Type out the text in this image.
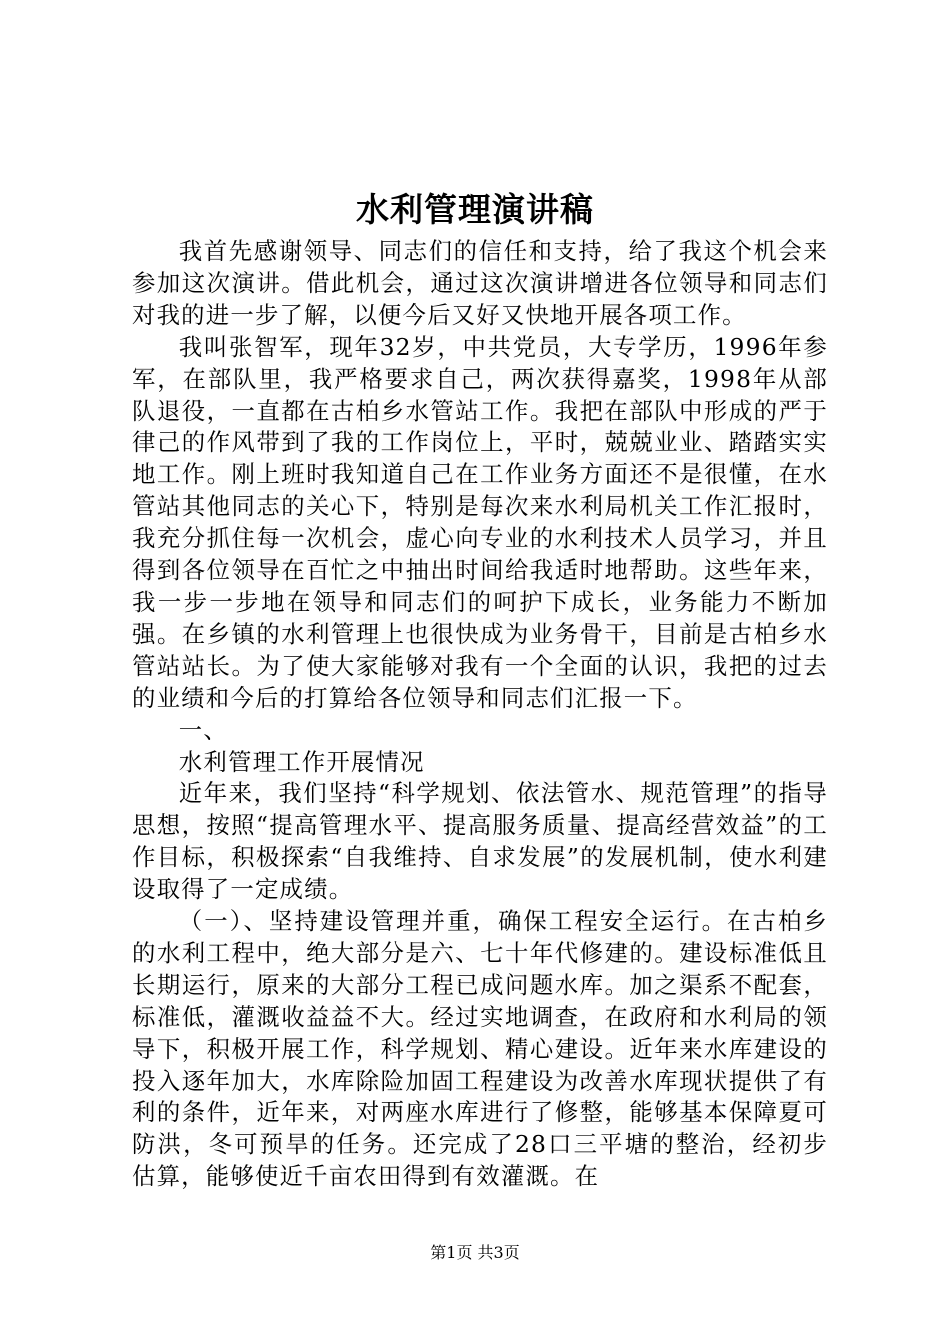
水利管理演讲稿

我首先感谢领导、同志们的信任和支持，给了我这个机会来参加这次演讲。借此机会，通过这次演讲增进各位领导和同志们对我的进一步了解，以便今后又好又快地开展各项工作。

我叫张智军，现年32岁，中共党员，大专学历，1996年参军，在部队里，我严格要求自己，两次获得嘉奖，1998年从部队退役，一直都在古柏乡水管站工作。我把在部队中形成的严于律己的作风带到了我的工作岗位上，平时，兢兢业业、踏踏实实地工作。刚上班时我知道自己在工作业务方面还不是很懂，在水管站其他同志的关心下，特别是每次来水利局机关工作汇报时，我充分抓住每一次机会，虚心向专业的水利技术人员学习，并且得到各位领导在百忙之中抽出时间给我适时地帮助。这些年来，我一步一步地在领导和同志们的呵护下成长，业务能力不断加强。在乡镇的水利管理上也很快成为业务骨干，目前是古柏乡水管站站长。为了使大家能够对我有一个全面的认识，我把的过去的业绩和今后的打算给各位领导和同志们汇报一下。

一、

水利管理工作开展情况

近年来，我们坚持“科学规划、依法管水、规范管理”的指导思想，按照“提高管理水平、提高服务质量、提高经营效益”的工作目标，积极探索“自我维持、自求发展”的发展机制，使水利建设取得了一定成绩。

（一）、坚持建设管理并重，确保工程安全运行。在古柏乡的水利工程中，绝大部分是六、七十年代修建的。建设标准低且长期运行，原来的大部分工程已成问题水库。加之渠系不配套，标准低，灌溉收益益不大。经过实地调查，在政府和水利局的领导下，积极开展工作，科学规划、精心建设。近年来水库建设的投入逐年加大，水库除险加固工程建设为改善水库现状提供了有利的条件，近年来，对两座水库进行了修整，能够基本保障夏可防洪，冬可预旱的任务。还完成了28口三平塘的整治，经初步估算，能够使近千亩农田得到有效灌溉。在

第1页 共3页
